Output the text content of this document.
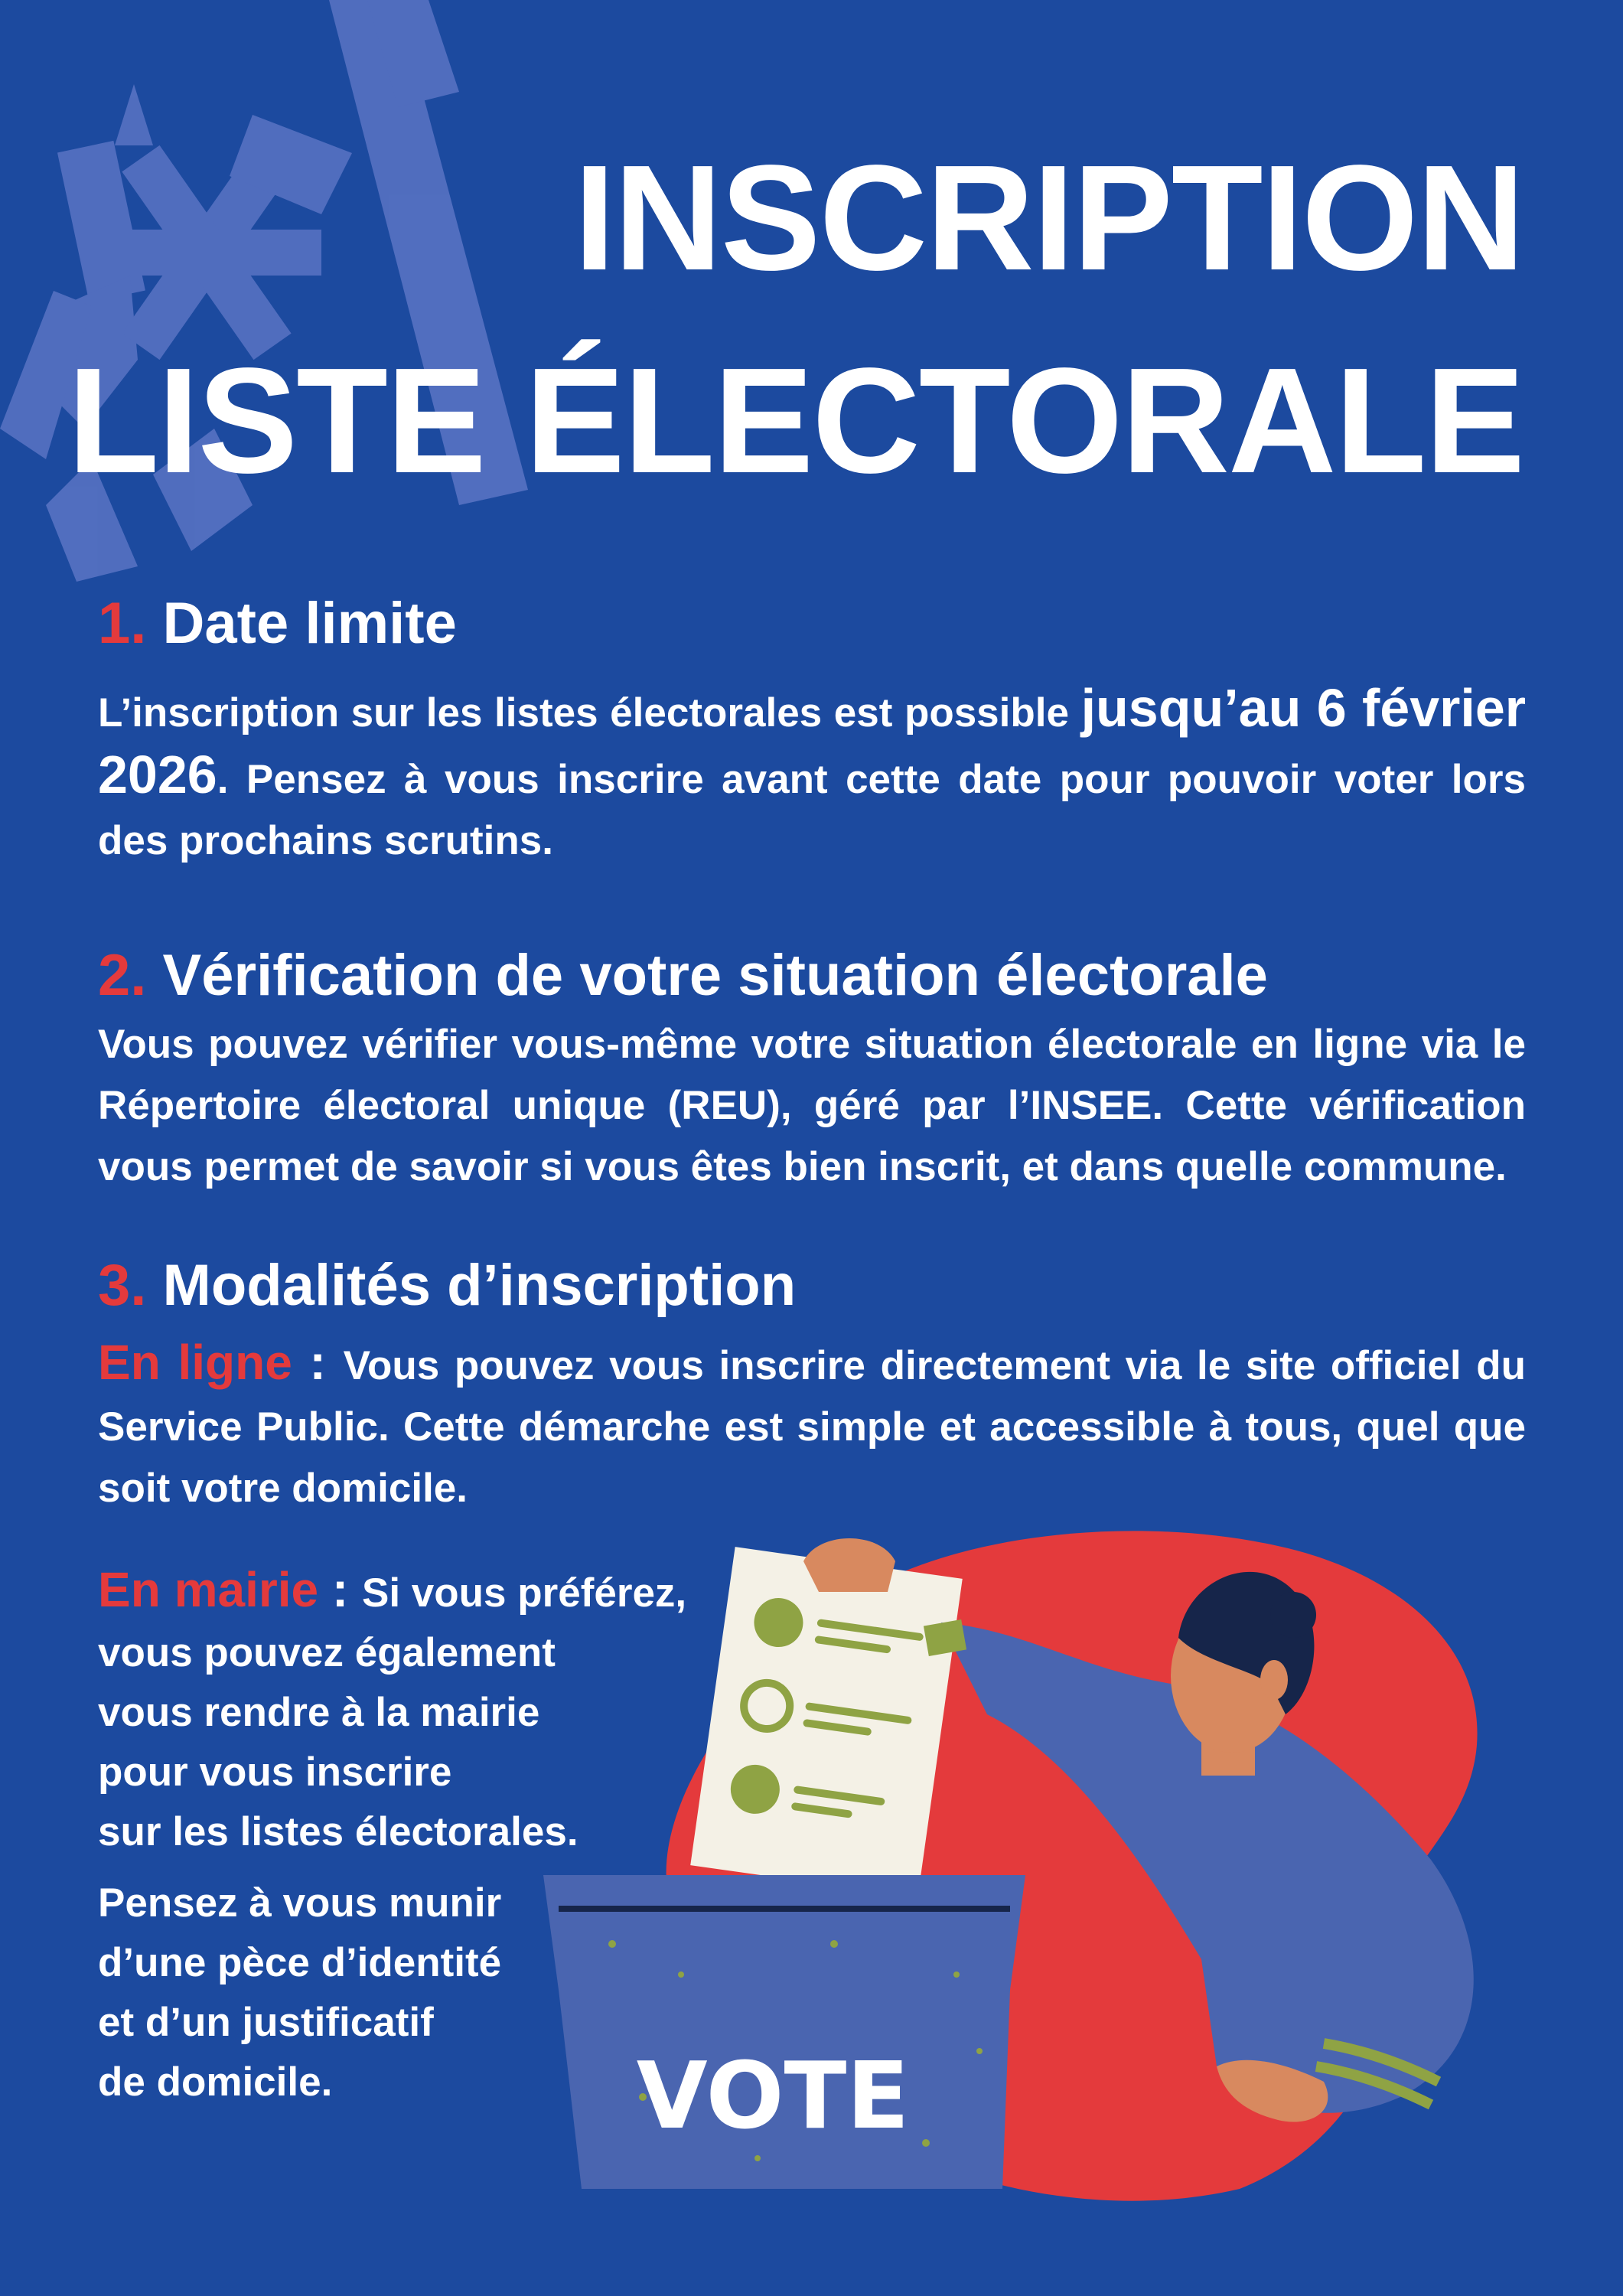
INSCRIPTION
LISTE ÉLECTORALE
1. Date limite
L’inscription sur les listes électorales est possible jusqu’au 6 février 2026. Pensez à vous inscrire avant cette date pour pouvoir voter lors des prochains scrutins.
2. Vérification de votre situation électorale
Vous pouvez vérifier vous-même votre situation électorale en ligne via le Répertoire électoral unique (REU), géré par l’INSEE. Cette vérification vous permet de savoir si vous êtes bien inscrit, et dans quelle commune.
3. Modalités d’inscription
En ligne : Vous pouvez vous inscrire directement via le site officiel du Service Public. Cette démarche est simple et accessible à tous, quel que soit votre domicile.
En mairie : Si vous préférez,
vous pouvez également
vous rendre à la mairie
pour vous inscrire
sur les listes électorales.
Pensez à vous munir
d’une pèce d’identité
et d’un justificatif
de domicile.	VOTE
